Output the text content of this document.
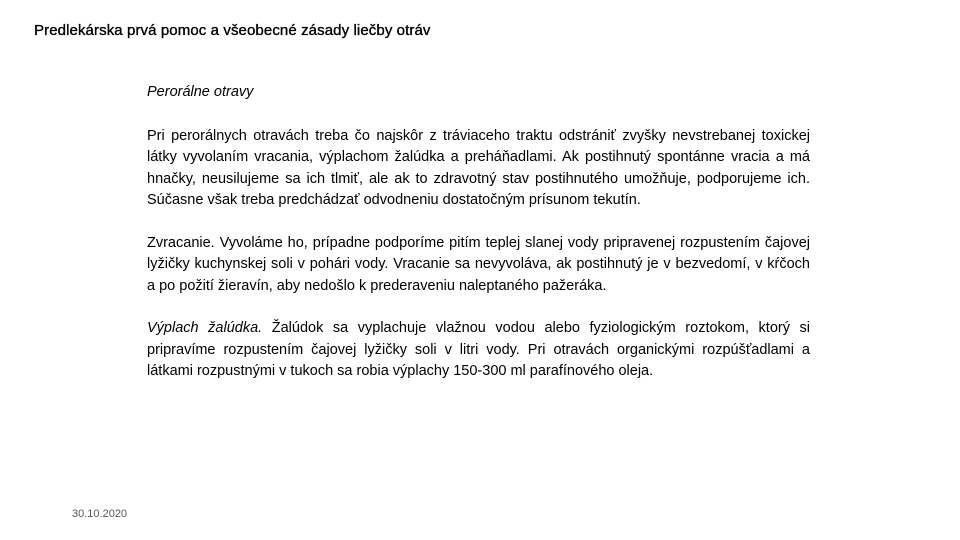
Predlekárska prvá pomoc a všeobecné zásady liečby otráv

Perorálne otravy

Pri perorálnych otravách treba čo najskôr z tráviaceho traktu odstrániť zvyšky nevstrebanej toxickej látky vyvolaním vracania, výplachom žalúdka a preháňadlami. Ak postihnutý spontánne vracia a má hnačky, neusilujeme sa ich tlmiť, ale ak to zdravotný stav postihnutého umožňuje, podporujeme ich. Súčasne však treba predchádzať odvodneniu dostatočným prísunom tekutín.

Zvracanie. Vyvoláme ho, prípadne podporíme pitím teplej slanej vody pripravenej rozpustením čajovej lyžičky kuchynskej soli v pohári vody. Vracanie sa nevyvoláva, ak postihnutý je v bezvedomí, v kŕčoch a po požití žieravín, aby nedošlo k prederaveniu naleptaného pažeráka.

Výplach žalúdka. Žalúdok sa vyplachuje vlažnou vodou alebo fyziologickým roztokom, ktorý si pripravíme rozpustením čajovej lyžičky soli v litri vody. Pri otravách organickými rozpúšťadlami a látkami rozpustnými v tukoch sa robia výplachy 150-300 ml parafínového oleja.

30.10.2020
